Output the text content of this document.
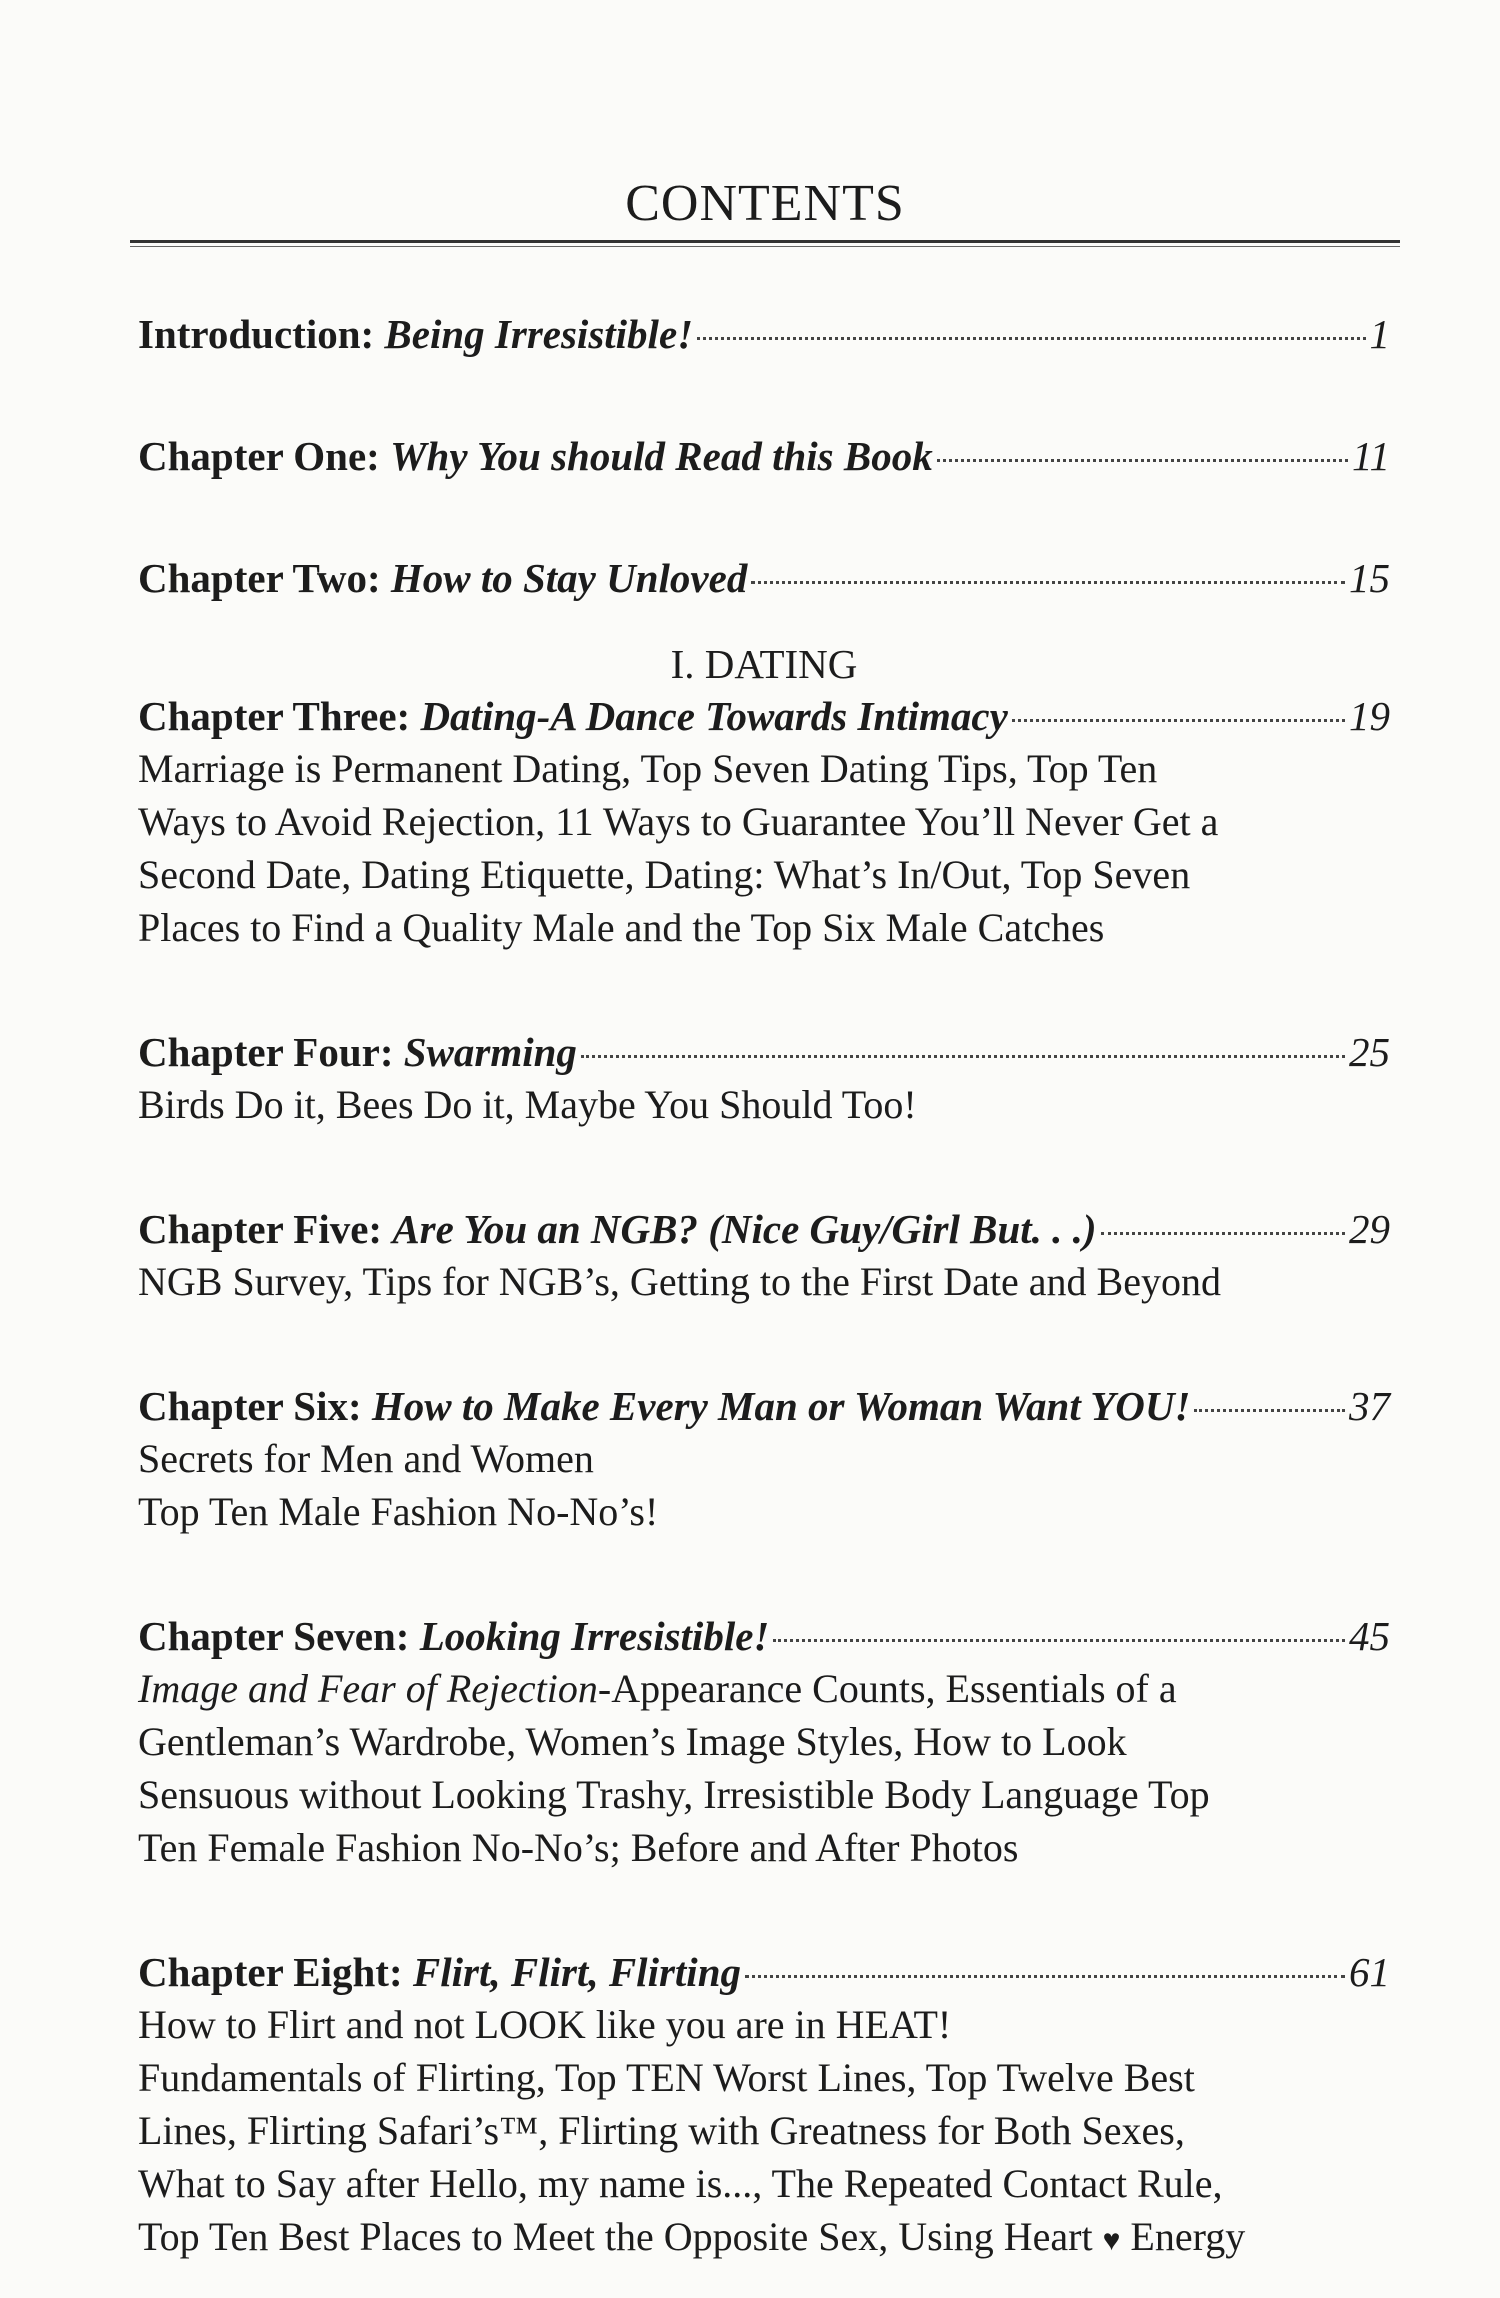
CONTENTS
Introduction:
Being Irresistible!	1
Chapter One:
Why You should Read this Book	11
Chapter Two:
How to Stay Unloved	15
I. DATING
Chapter Three:
Dating-A Dance Towards Intimacy	19
Marriage is Permanent Dating, Top Seven Dating Tips, Top Ten
Ways to Avoid Rejection, 11 Ways to Guarantee You’ll Never Get a
Second Date, Dating Etiquette, Dating: What’s In/Out, Top Seven
Places to Find a Quality Male and the Top Six Male Catches
Chapter Four:
Swarming	25
Birds Do it, Bees Do it, Maybe You Should Too!
Chapter Five:
Are You an NGB? (Nice Guy/Girl But. . .)	29
NGB Survey, Tips for NGB’s, Getting to the First Date and Beyond
Chapter Six:
How to Make Every Man or Woman Want YOU!	37
Secrets for Men and Women
Top Ten Male Fashion No-No’s!
Chapter Seven:
Looking Irresistible!	45
Image and Fear of Rejection-Appearance Counts, Essentials of a
Gentleman’s Wardrobe, Women’s Image Styles, How to Look
Sensuous without Looking Trashy, Irresistible Body Language Top
Ten Female Fashion No-No’s; Before and After Photos
Chapter Eight:
Flirt, Flirt, Flirting	61
How to Flirt and not LOOK like you are in HEAT!
Fundamentals of Flirting, Top TEN Worst Lines, Top Twelve Best
Lines, Flirting Safari’s™, Flirting with Greatness for Both Sexes,
What to Say after Hello, my name is..., The Repeated Contact Rule,
Top Ten Best Places to Meet the Opposite Sex, Using Heart ♥ Energy
